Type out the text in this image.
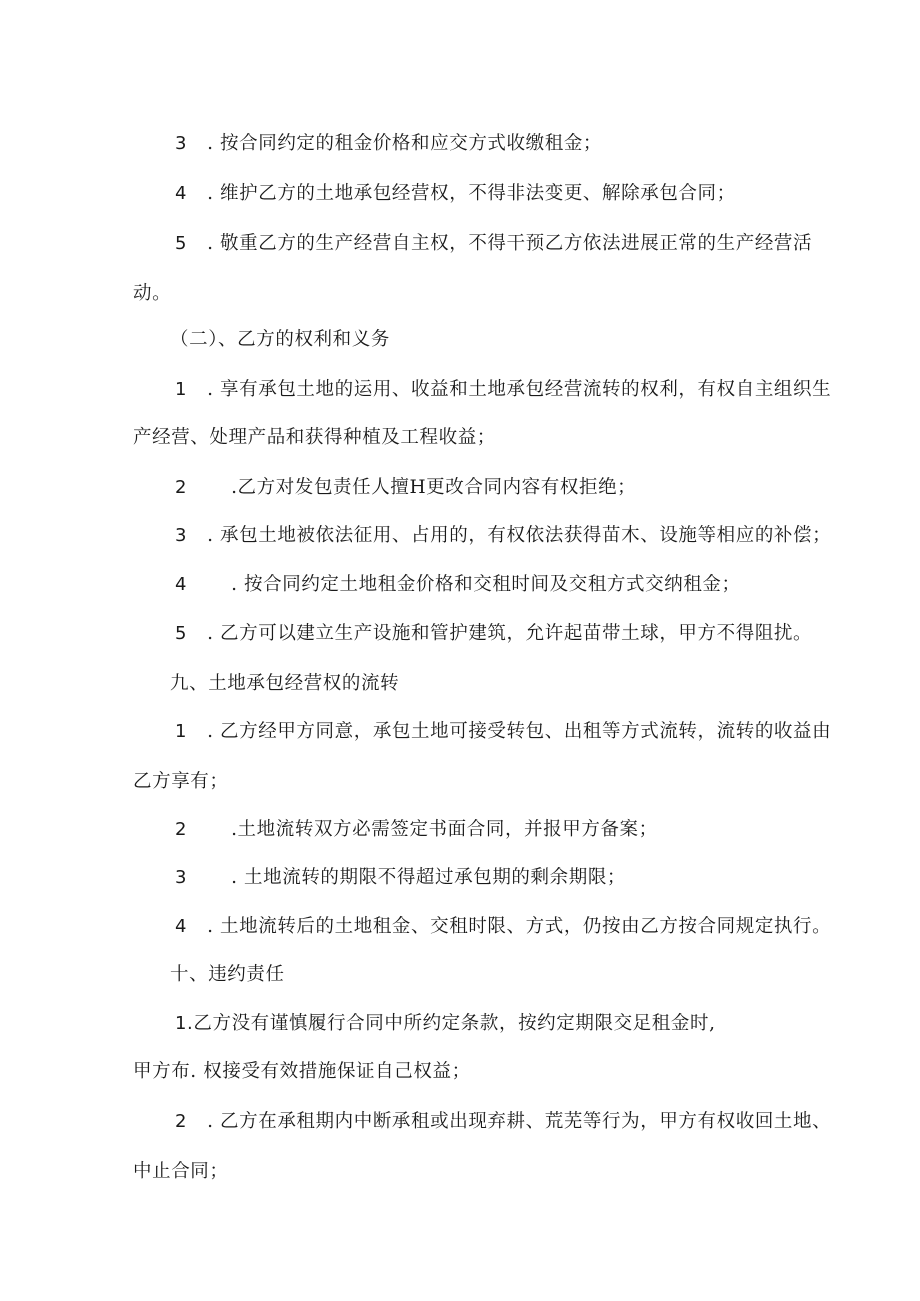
3 . 按合同约定的租金价格和应交方式收缴租金；
4 . 维护乙方的土地承包经营权，不得非法变更、解除承包合同；
5 . 敬重乙方的生产经营自主权，不得干预乙方依法进展正常的生产经营活
动。
（二）、乙方的权利和义务
1 . 享有承包土地的运用、收益和土地承包经营流转的权利，有权自主组织生
产经营、处理产品和获得种植及工程收益；
2 .乙方对发包责任人擅H更改合同内容有权拒绝；
3 . 承包土地被依法征用、占用的，有权依法获得苗木、设施等相应的补偿；
4 . 按合同约定土地租金价格和交租时间及交租方式交纳租金；
5 . 乙方可以建立生产设施和管护建筑，允许起苗带土球，甲方不得阻扰。
九、土地承包经营权的流转
1 . 乙方经甲方同意，承包土地可接受转包、出租等方式流转，流转的收益由
乙方享有；
2 .土地流转双方必需签定书面合同，并报甲方备案；
3 . 土地流转的期限不得超过承包期的剩余期限；
4 . 土地流转后的土地租金、交租时限、方式，仍按由乙方按合同规定执行。
十、违约责任
1.乙方没有谨慎履行合同中所约定条款，按约定期限交足租金时,
甲方布. 权接受有效措施保证自己权益；
2 . 乙方在承租期内中断承租或出现弃耕、荒芜等行为，甲方有权收回土地、
中止合同；
